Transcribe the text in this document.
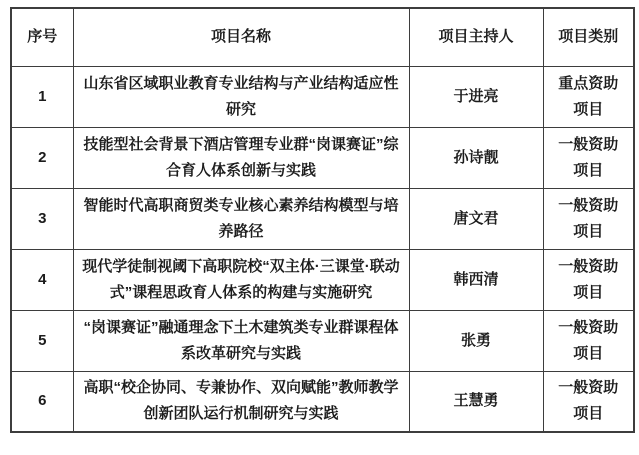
序号	项目名称	项目主持人	项目类别
1	山东省区域职业教育专业结构与产业结构适应性研究	于进亮	重点资助项目
2	技能型社会背景下酒店管理专业群“岗课赛证”综合育人体系创新与实践	孙诗靓	一般资助项目
3	智能时代高职商贸类专业核心素养结构模型与培养路径	唐文君	一般资助项目
4	现代学徒制视阈下高职院校“双主体·三课堂·联动式”课程思政育人体系的构建与实施研究	韩西清	一般资助项目
5	“岗课赛证”融通理念下土木建筑类专业群课程体系改革研究与实践	张勇	一般资助项目
6	高职“校企协同、专兼协作、双向赋能”教师教学创新团队运行机制研究与实践	王慧勇	一般资助项目
